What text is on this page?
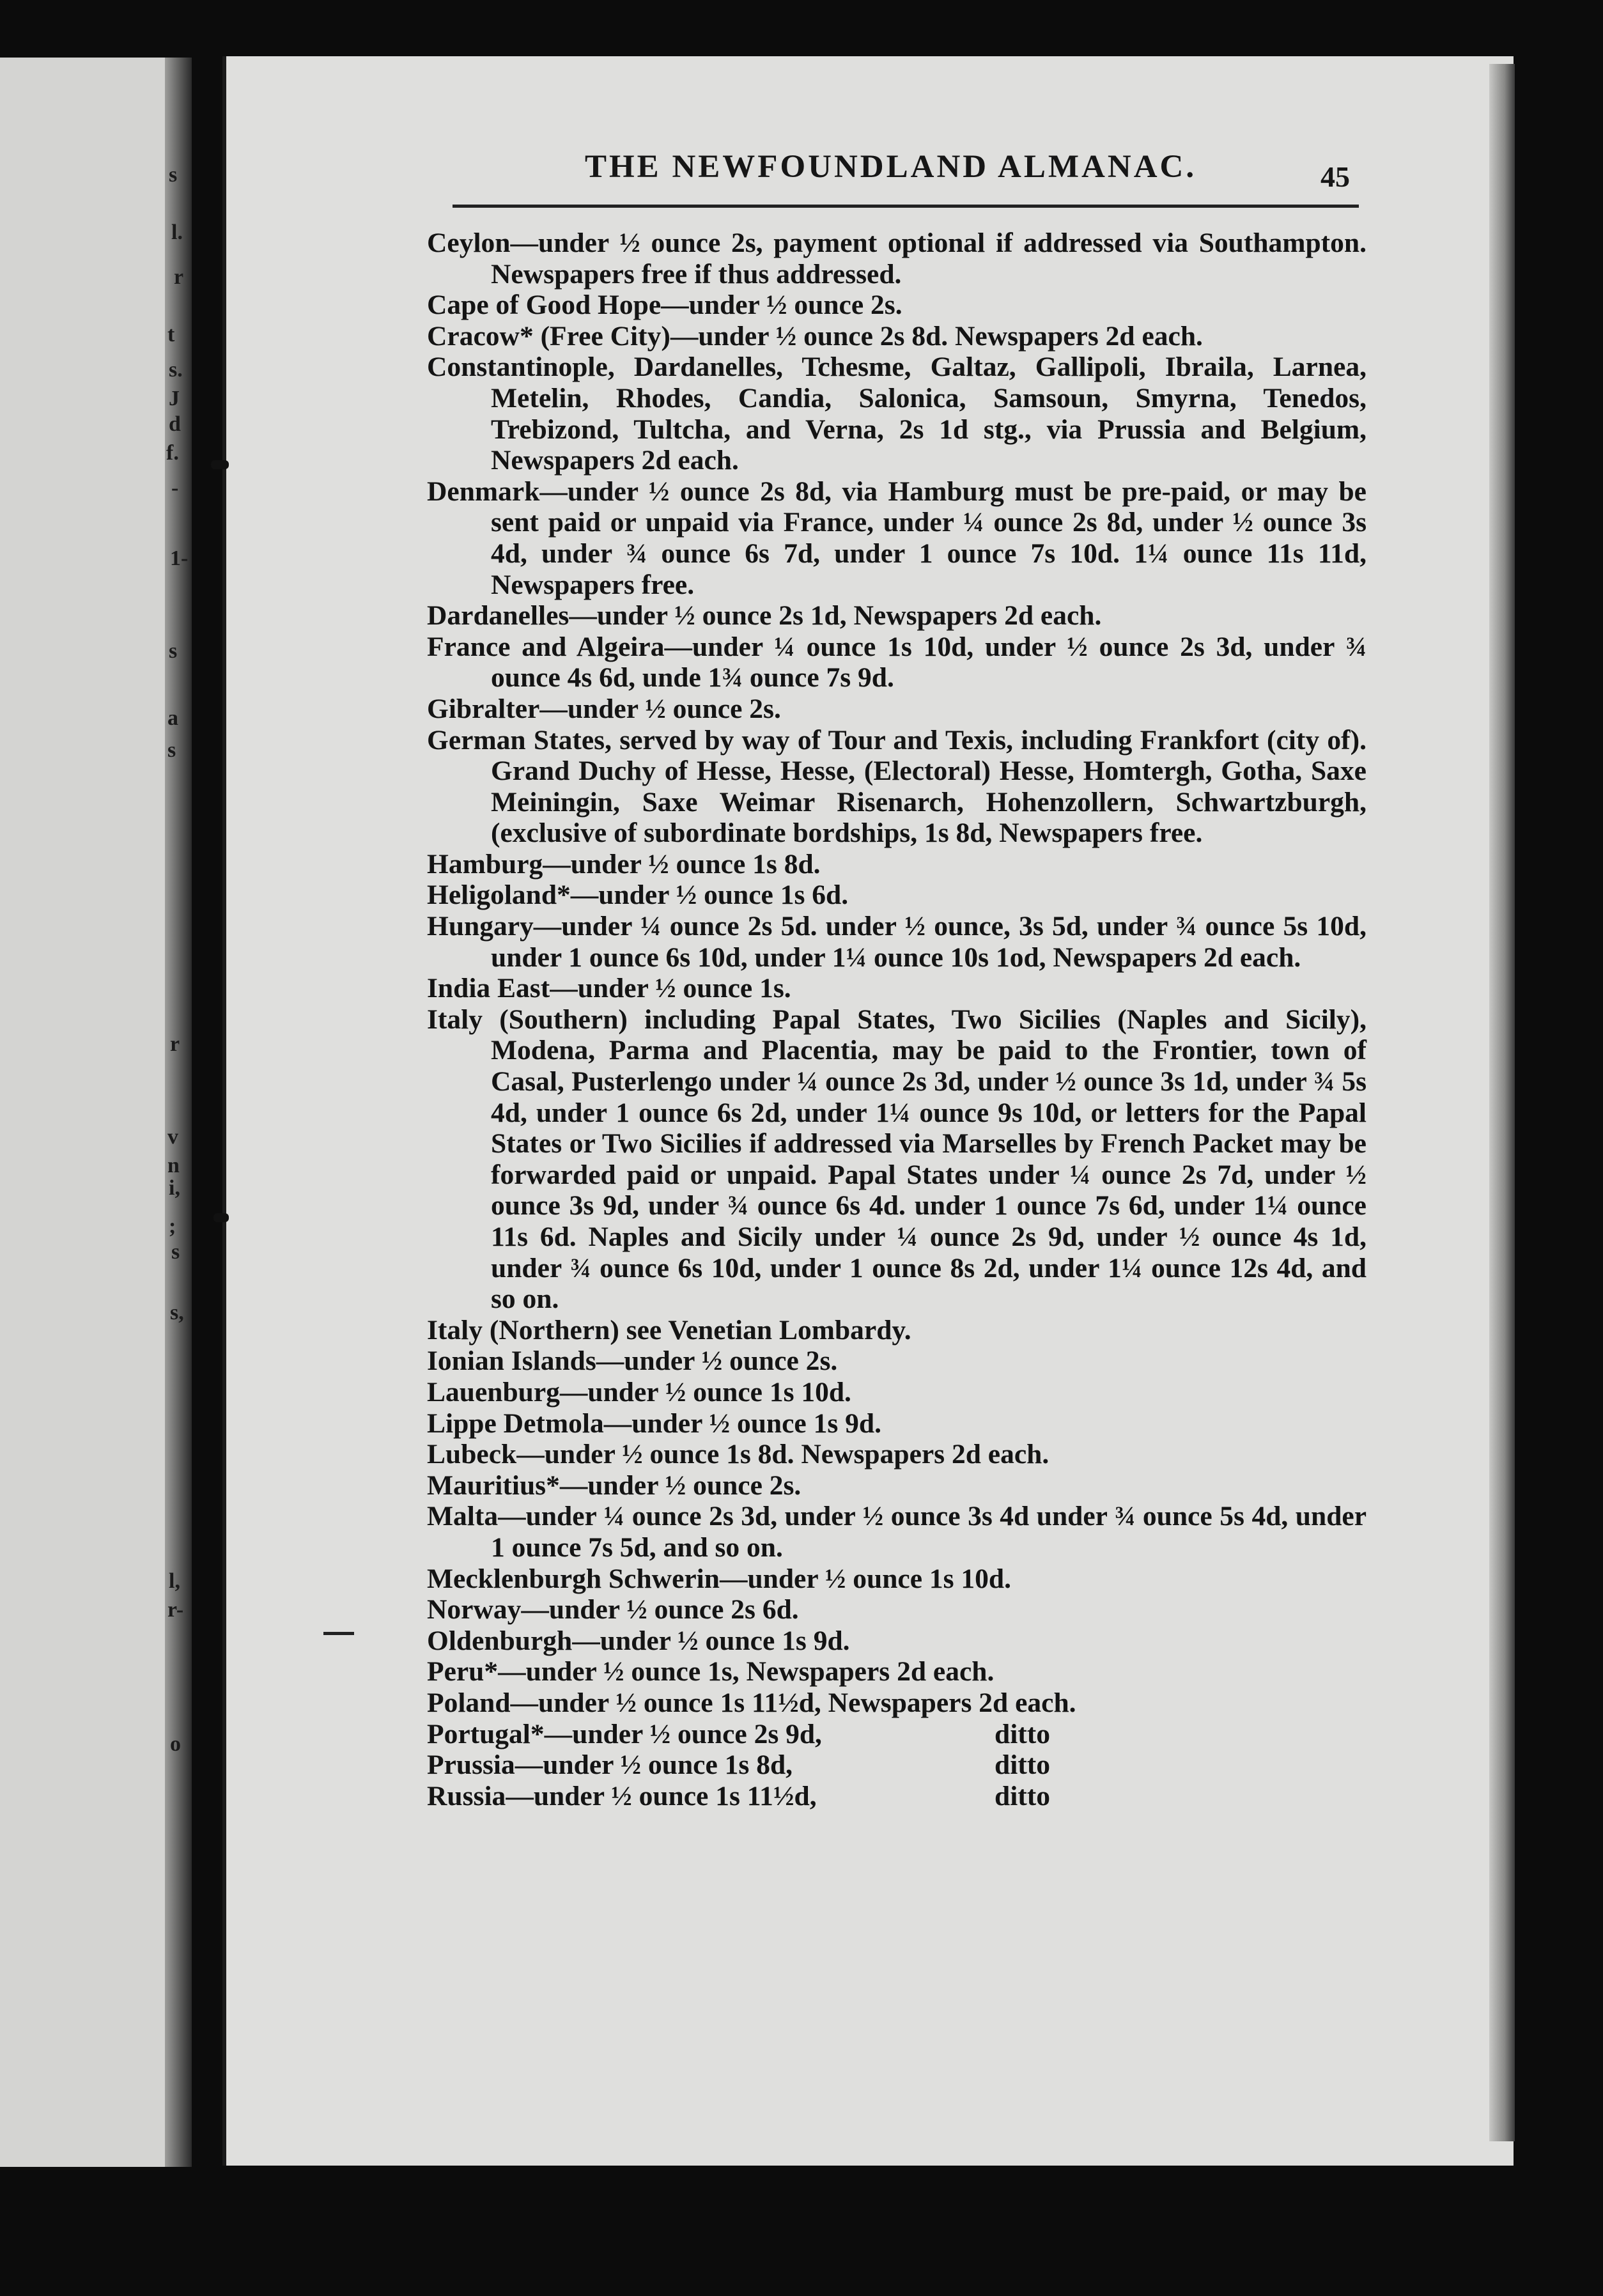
s
l.
r
t
s.
J
d
f.
-
1-
s
a
s
r
v
n
i,
;
s
s,
l,
r-
o
THE NEWFOUNDLAND ALMANAC.	45

Ceylon—under ½ ounce 2s, payment optional if addressed via Southampton. Newspapers free if thus addressed.

Cape of Good Hope—under ½ ounce 2s.

Cracow* (Free City)—under ½ ounce 2s 8d. Newspapers 2d each.

Constantinople, Dardanelles, Tchesme, Galtaz, Gallipoli, Ibraila, Larnea, Metelin, Rhodes, Candia, Salonica, Samsoun, Smyrna, Tenedos, Trebizond, Tultcha, and Verna, 2s 1d stg., via Prussia and Belgium, Newspapers 2d each.

Denmark—under ½ ounce 2s 8d, via Hamburg must be pre-paid, or may be sent paid or unpaid via France, under ¼ ounce 2s 8d, under ½ ounce 3s 4d, under ¾ ounce 6s 7d, under 1 ounce 7s 10d. 1¼ ounce 11s 11d, Newspapers free.

Dardanelles—under ½ ounce 2s 1d, Newspapers 2d each.

France and Algeira—under ¼ ounce 1s 10d, under ½ ounce 2s 3d, under ¾ ounce 4s 6d, unde 1¾ ounce 7s 9d.

Gibralter—under ½ ounce 2s.

German States, served by way of Tour and Texis, including Frankfort (city of). Grand Duchy of Hesse, Hesse, (Electoral) Hesse, Homtergh, Gotha, Saxe Meiningin, Saxe Weimar Risenarch, Hohenzollern, Schwartzburgh, (exclusive of subordinate bordships, 1s 8d, Newspapers free.

Hamburg—under ½ ounce 1s 8d.

Heligoland*—under ½ ounce 1s 6d.

Hungary—under ¼ ounce 2s 5d. under ½ ounce, 3s 5d, under ¾ ounce 5s 10d, under 1 ounce 6s 10d, under 1¼ ounce 10s 1od, Newspapers 2d each.

India East—under ½ ounce 1s.

Italy (Southern) including Papal States, Two Sicilies (Naples and Sicily), Modena, Parma and Placentia, may be paid to the Frontier, town of Casal, Pusterlengo under ¼ ounce 2s 3d, under ½ ounce 3s 1d, under ¾ 5s 4d, under 1 ounce 6s 2d, under 1¼ ounce 9s 10d, or letters for the Papal States or Two Sicilies if addressed via Marselles by French Packet may be forwarded paid or unpaid. Papal States under ¼ ounce 2s 7d, under ½ ounce 3s 9d, under ¾ ounce 6s 4d. under 1 ounce 7s 6d, under 1¼ ounce 11s 6d. Naples and Sicily under ¼ ounce 2s 9d, under ½ ounce 4s 1d, under ¾ ounce 6s 10d, under 1 ounce 8s 2d, under 1¼ ounce 12s 4d, and so on.

Italy (Northern) see Venetian Lombardy.

Ionian Islands—under ½ ounce 2s.

Lauenburg—under ½ ounce 1s 10d.

Lippe Detmola—under ½ ounce 1s 9d.

Lubeck—under ½ ounce 1s 8d. Newspapers 2d each.

Mauritius*—under ½ ounce 2s.

Malta—under ¼ ounce 2s 3d, under ½ ounce 3s 4d under ¾ ounce 5s 4d, under 1 ounce 7s 5d, and so on.

Mecklenburgh Schwerin—under ½ ounce 1s 10d.

Norway—under ½ ounce 2s 6d.

Oldenburgh—under ½ ounce 1s 9d.

Peru*—under ½ ounce 1s, Newspapers 2d each.

Poland—under ½ ounce 1s 11½d, Newspapers 2d each.

Portugal*—under ½ ounce 2s 9d,	ditto
Prussia—under ½ ounce 1s 8d,	ditto
Russia—under ½ ounce 1s 11½d,	ditto
